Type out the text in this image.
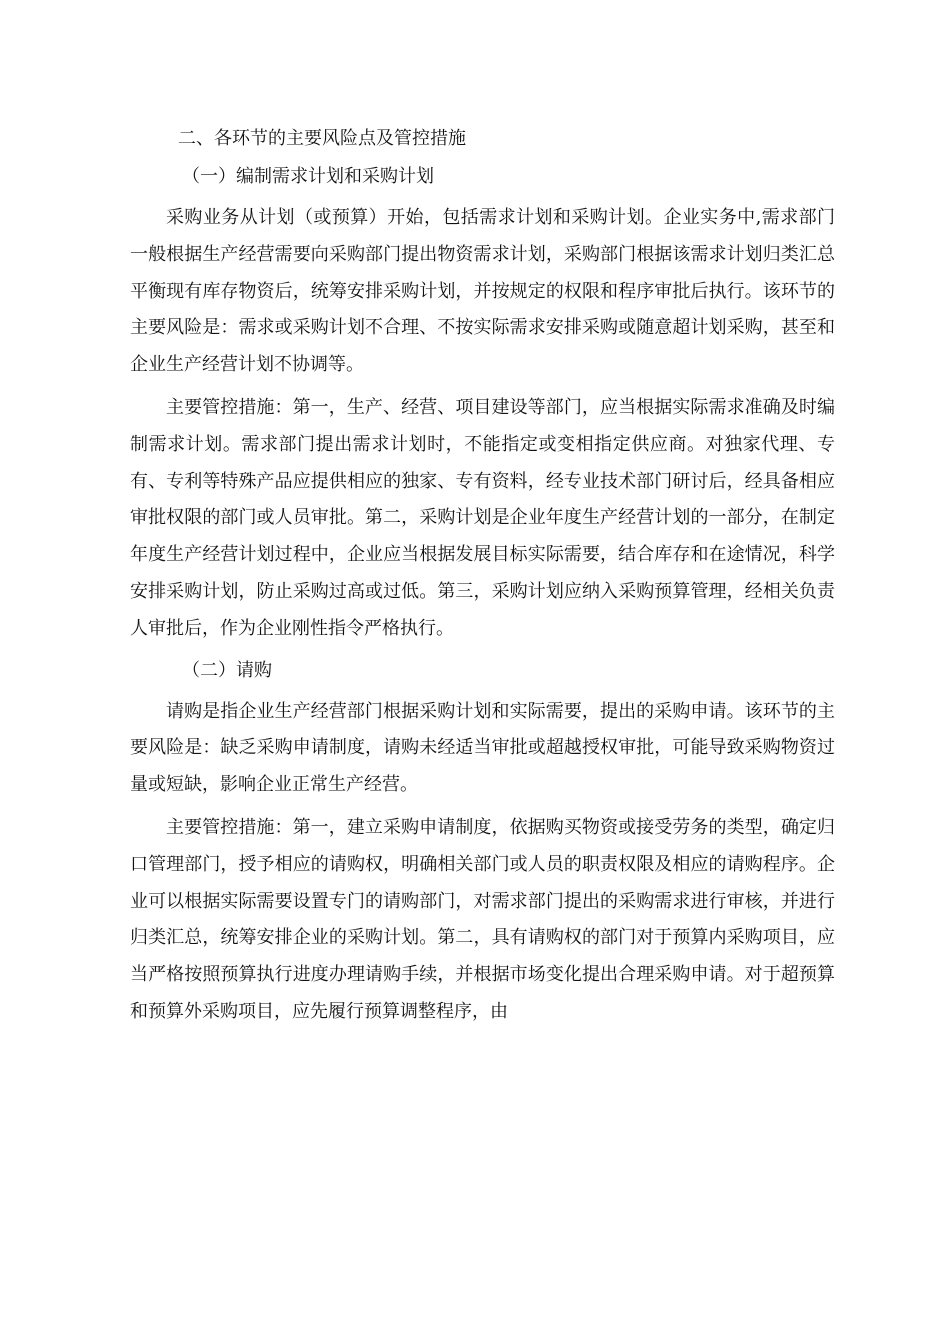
二、各环节的主要风险点及管控措施

（一）编制需求计划和采购计划

采购业务从计划（或预算）开始，包括需求计划和采购计划。企业实务中,需求部门一般根据生产经营需要向采购部门提出物资需求计划，采购部门根据该需求计划归类汇总平衡现有库存物资后，统筹安排采购计划，并按规定的权限和程序审批后执行。该环节的主要风险是：需求或采购计划不合理、不按实际需求安排采购或随意超计划采购，甚至和企业生产经营计划不协调等。

主要管控措施：第一，生产、经营、项目建设等部门，应当根据实际需求准确及时编制需求计划。需求部门提出需求计划时，不能指定或变相指定供应商。对独家代理、专有、专利等特殊产品应提供相应的独家、专有资料，经专业技术部门研讨后，经具备相应审批权限的部门或人员审批。第二，采购计划是企业年度生产经营计划的一部分，在制定年度生产经营计划过程中，企业应当根据发展目标实际需要，结合库存和在途情况，科学安排采购计划，防止采购过高或过低。第三，采购计划应纳入采购预算管理，经相关负责人审批后，作为企业刚性指令严格执行。

（二）请购

请购是指企业生产经营部门根据采购计划和实际需要，提出的采购申请。该环节的主要风险是：缺乏采购申请制度，请购未经适当审批或超越授权审批，可能导致采购物资过量或短缺，影响企业正常生产经营。

主要管控措施：第一，建立采购申请制度，依据购买物资或接受劳务的类型，确定归口管理部门，授予相应的请购权，明确相关部门或人员的职责权限及相应的请购程序。企业可以根据实际需要设置专门的请购部门，对需求部门提出的采购需求进行审核，并进行归类汇总，统筹安排企业的采购计划。第二，具有请购权的部门对于预算内采购项目，应当严格按照预算执行进度办理请购手续，并根据市场变化提出合理采购申请。对于超预算和预算外采购项目，应先履行预算调整程序，由
